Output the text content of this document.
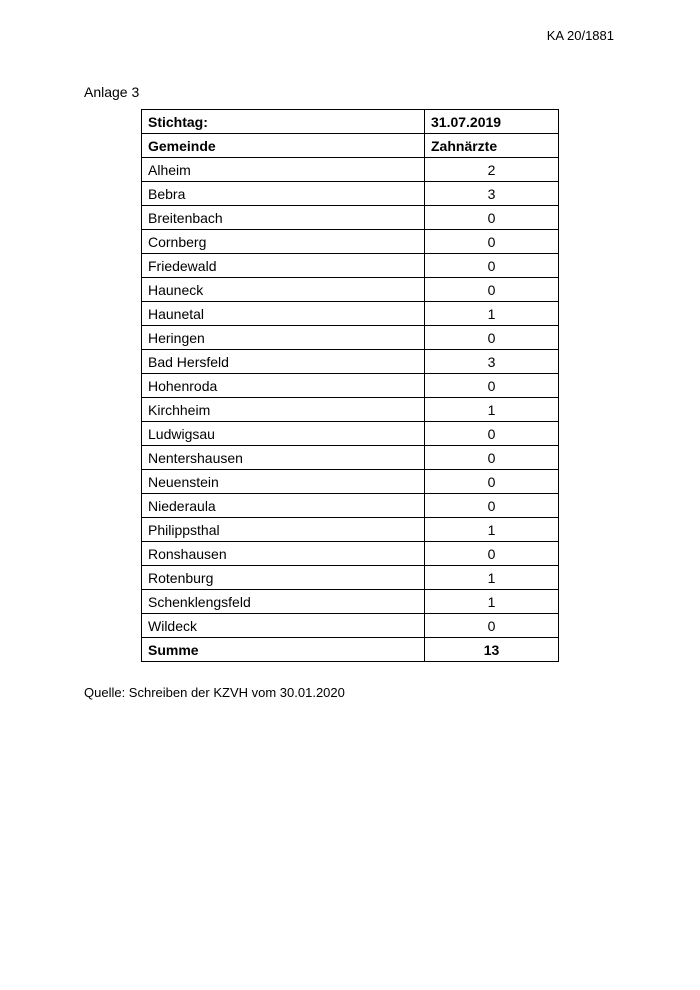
KA 20/1881
Anlage 3
Stichtag:	31.07.2019
Gemeinde	Zahnärzte
Alheim	2
Bebra	3
Breitenbach	0
Cornberg	0
Friedewald	0
Hauneck	0
Haunetal	1
Heringen	0
Bad Hersfeld	3
Hohenroda	0
Kirchheim	1
Ludwigsau	0
Nentershausen	0
Neuenstein	0
Niederaula	0
Philippsthal	1
Ronshausen	0
Rotenburg	1
Schenklengsfeld	1
Wildeck	0
Summe	13
Quelle: Schreiben der KZVH vom 30.01.2020
